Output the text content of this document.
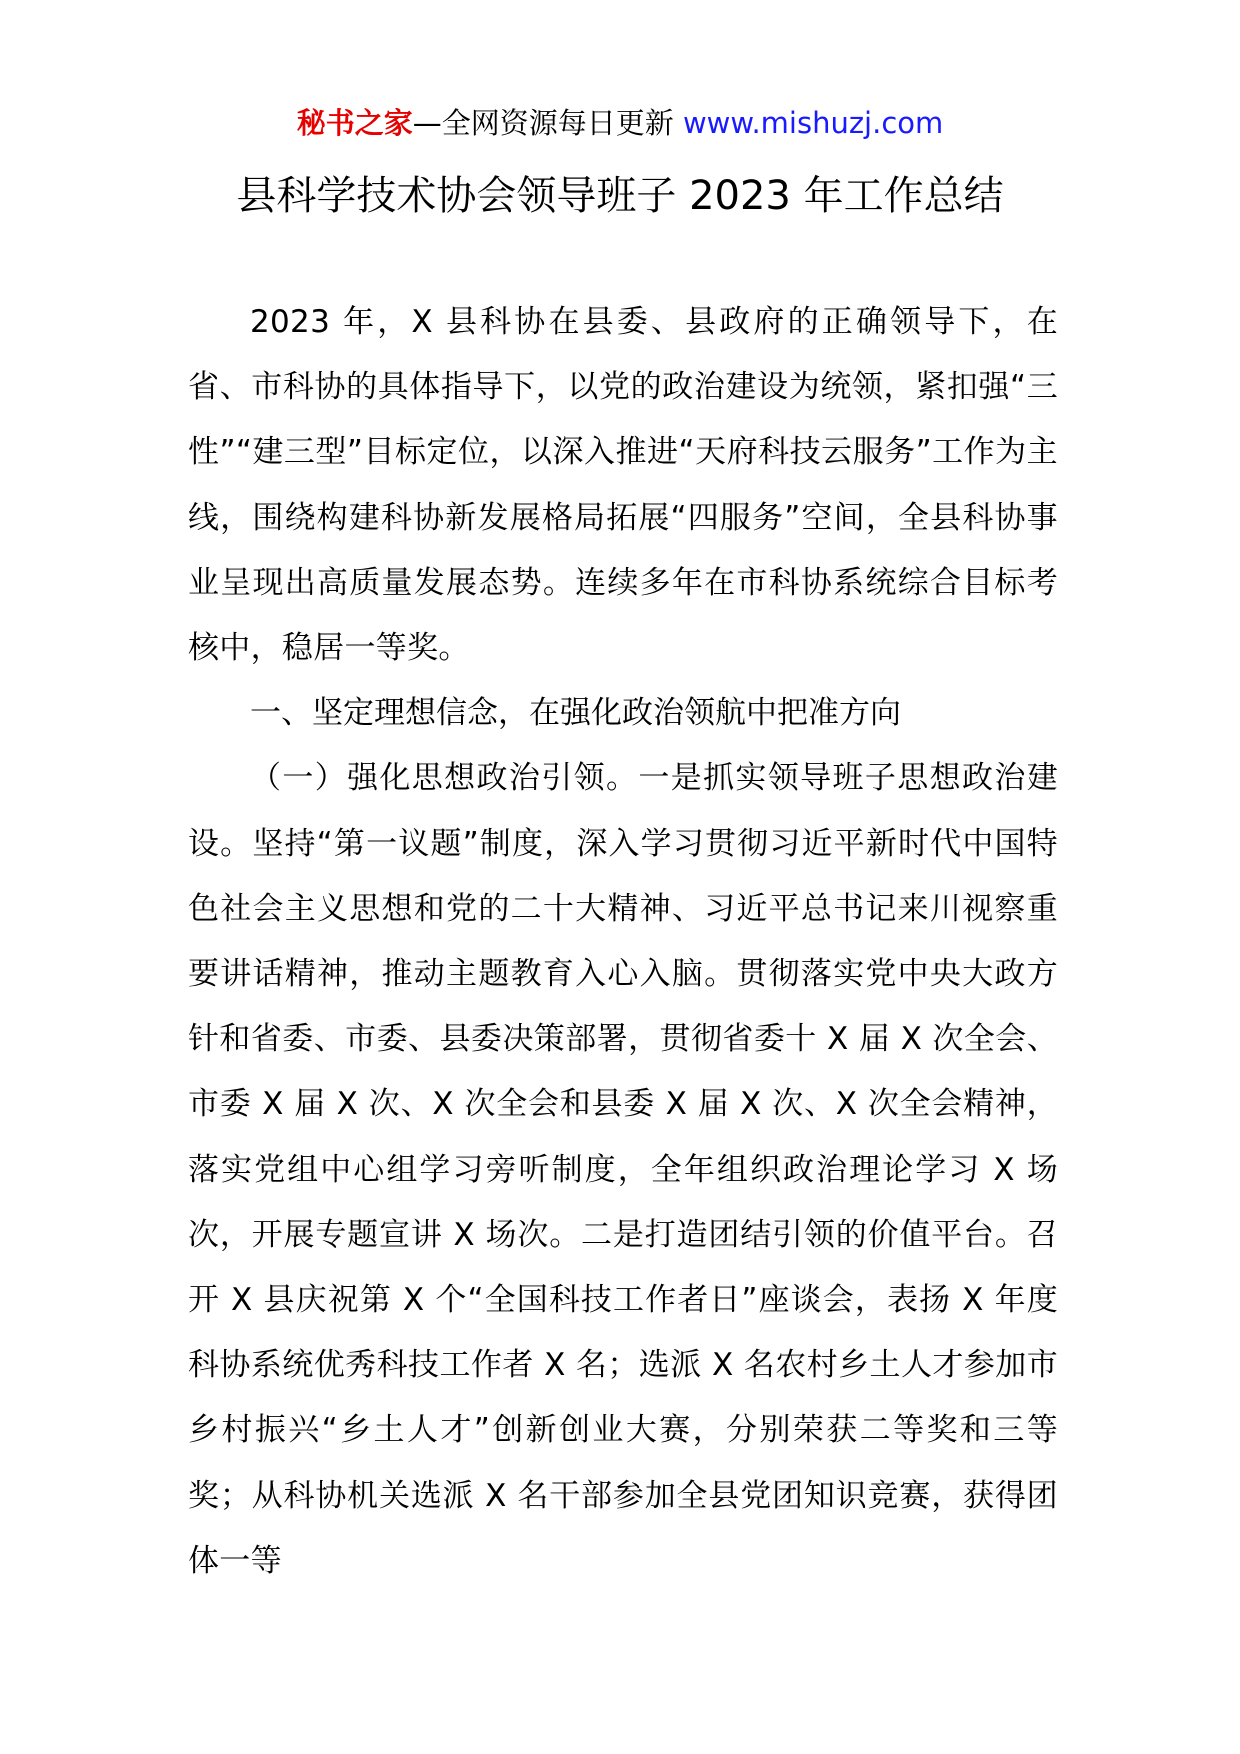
秘书之家—全网资源每日更新 www.mishuzj.com
县科学技术协会领导班子 2023 年工作总结

2023 年，X 县科协在县委、县政府的正确领导下，在省、市科协的具体指导下，以党的政治建设为统领，紧扣强“三性”“建三型”目标定位，以深入推进“天府科技云服务”工作为主线，围绕构建科协新发展格局拓展“四服务”空间，全县科协事业呈现出高质量发展态势。连续多年在市科协系统综合目标考核中，稳居一等奖。

一、坚定理想信念，在强化政治领航中把准方向

（一）强化思想政治引领。一是抓实领导班子思想政治建设。坚持“第一议题”制度，深入学习贯彻习近平新时代中国特色社会主义思想和党的二十大精神、习近平总书记来川视察重要讲话精神，推动主题教育入心入脑。贯彻落实党中央大政方针和省委、市委、县委决策部署，贯彻省委十 X 届 X 次全会、市委 X 届 X 次、X 次全会和县委 X 届 X 次、X 次全会精神，落实党组中心组学习旁听制度，全年组织政治理论学习 X 场次，开展专题宣讲 X 场次。二是打造团结引领的价值平台。召开 X 县庆祝第 X 个“全国科技工作者日”座谈会，表扬 X 年度科协系统优秀科技工作者 X 名；选派 X 名农村乡土人才参加市乡村振兴“乡土人才”创新创业大赛，分别荣获二等奖和三等奖；从科协机关选派 X 名干部参加全县党团知识竞赛，获得团体一等
